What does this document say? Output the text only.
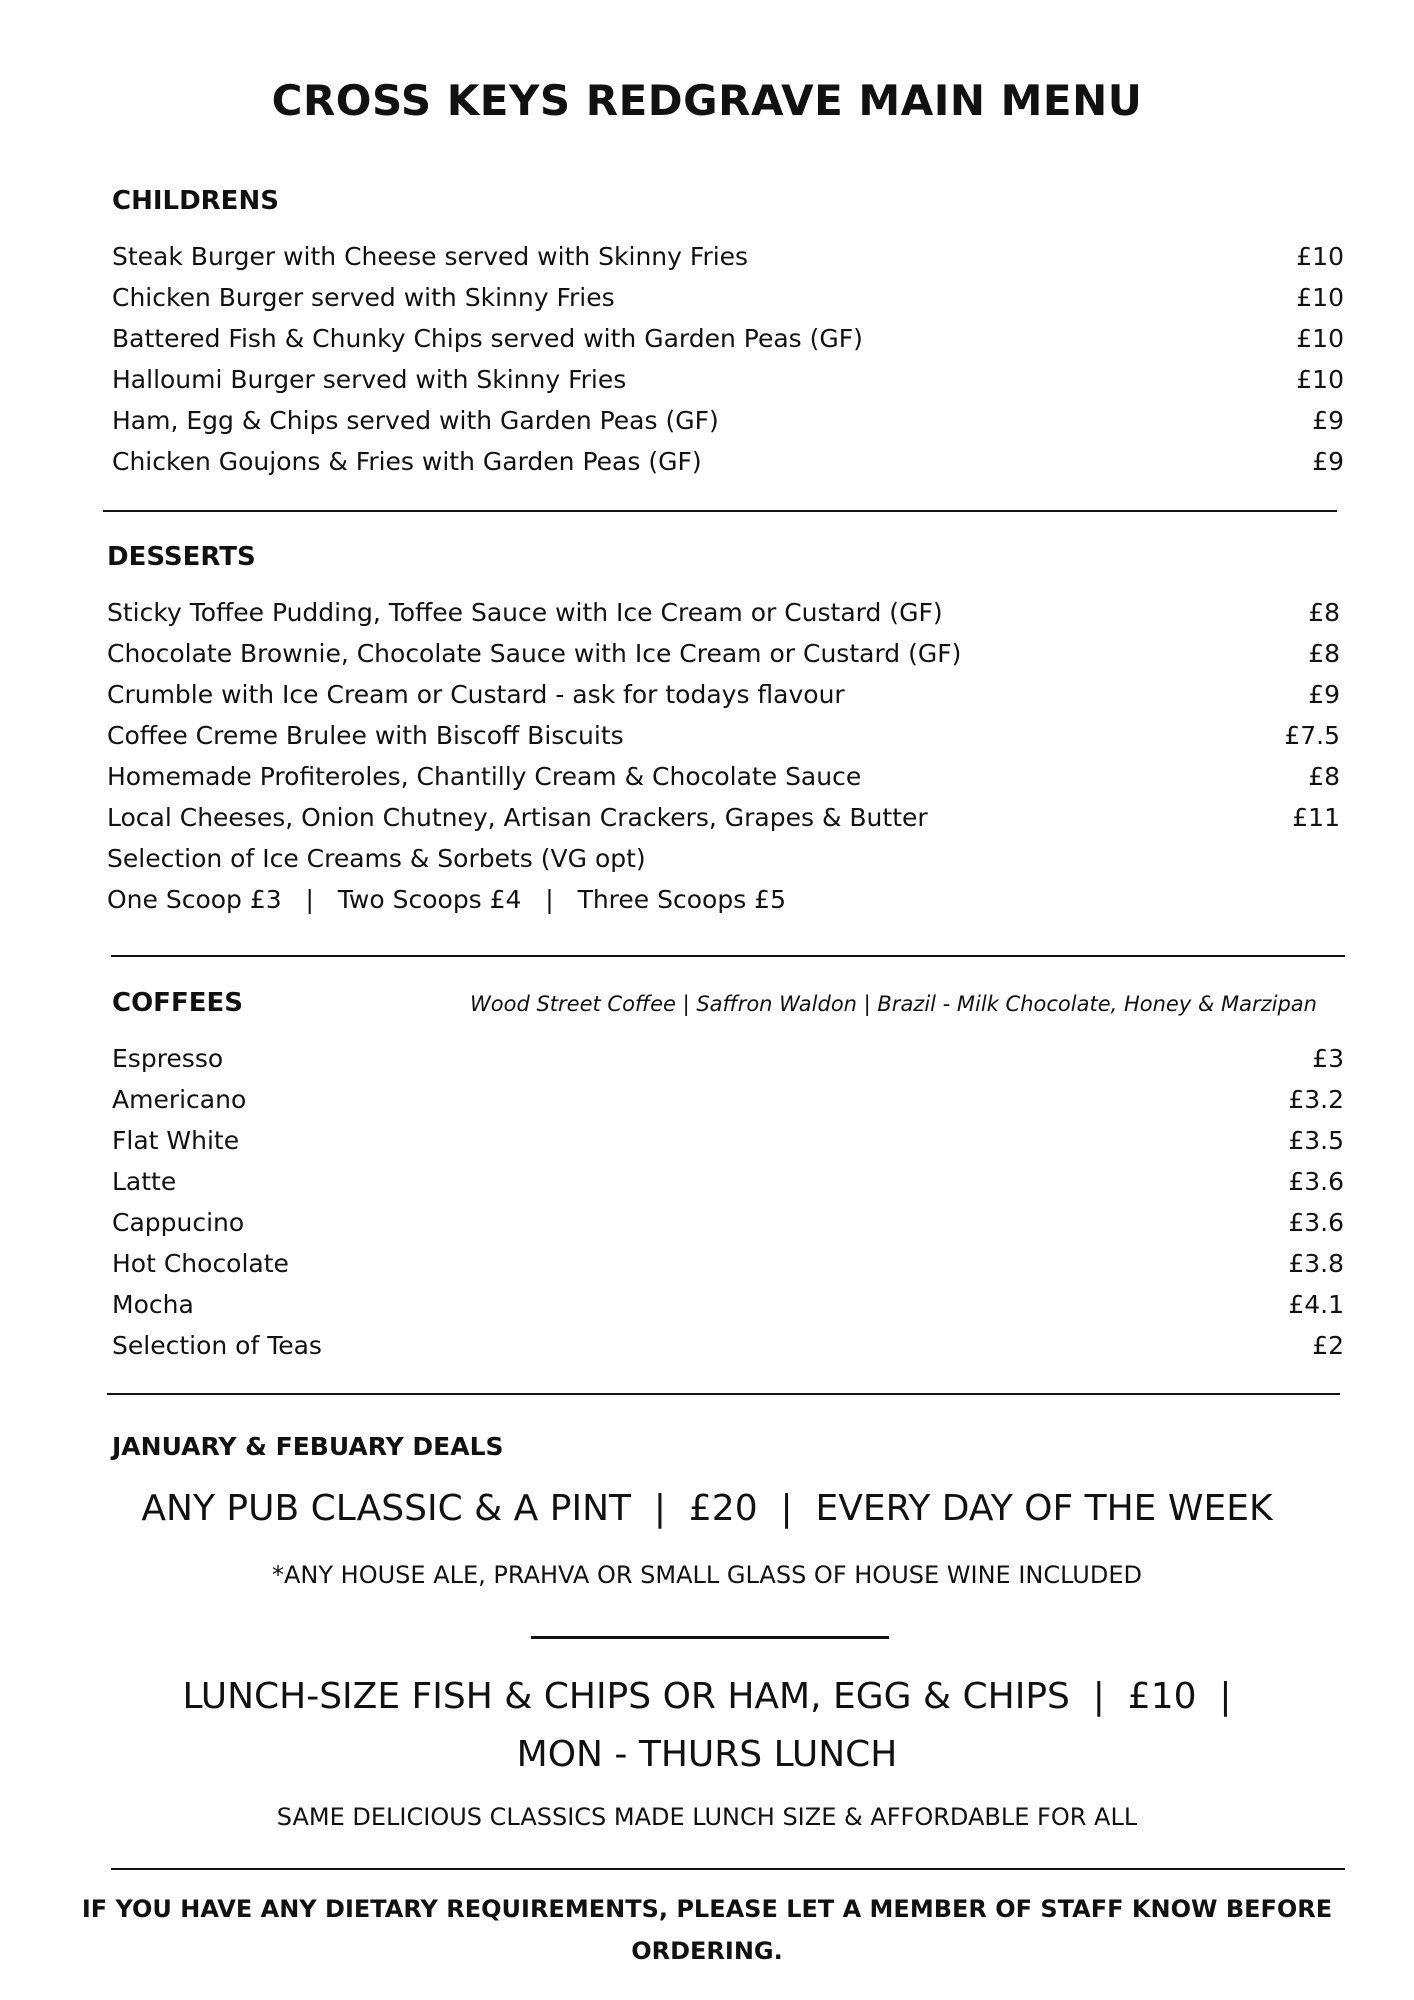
CROSS KEYS REDGRAVE MAIN MENU
CHILDRENS
Steak Burger with Cheese served with Skinny Fries	£10
Chicken Burger served with Skinny Fries	£10
Battered Fish & Chunky Chips served with Garden Peas (GF)	£10
Halloumi Burger served with Skinny Fries	£10
Ham, Egg & Chips served with Garden Peas (GF)	£9
Chicken Goujons & Fries with Garden Peas (GF)	£9
DESSERTS
Sticky Toffee Pudding, Toffee Sauce with Ice Cream or Custard (GF)	£8
Chocolate Brownie, Chocolate Sauce with Ice Cream or Custard (GF)	£8
Crumble with Ice Cream or Custard - ask for todays flavour	£9
Coffee Creme Brulee with Biscoff Biscuits	£7.5
Homemade Profiteroles, Chantilly Cream & Chocolate Sauce	£8
Local Cheeses, Onion Chutney, Artisan Crackers, Grapes & Butter	£11
Selection of Ice Creams & Sorbets (VG opt)
One Scoop £3   |   Two Scoops £4   |   Three Scoops £5
COFFEES	Wood Street Coffee | Saffron Waldon | Brazil - Milk Chocolate, Honey & Marzipan
Espresso	£3
Americano	£3.2
Flat White	£3.5
Latte	£3.6
Cappucino	£3.6
Hot Chocolate	£3.8
Mocha	£4.1
Selection of Teas	£2
JANUARY & FEBUARY DEALS
ANY PUB CLASSIC & A PINT  |  £20  |  EVERY DAY OF THE WEEK
*ANY HOUSE ALE, PRAHVA OR SMALL GLASS OF HOUSE WINE INCLUDED
LUNCH-SIZE FISH & CHIPS OR HAM, EGG & CHIPS  |  £10  |
MON - THURS LUNCH
SAME DELICIOUS CLASSICS MADE LUNCH SIZE & AFFORDABLE FOR ALL
IF YOU HAVE ANY DIETARY REQUIREMENTS, PLEASE LET A MEMBER OF STAFF KNOW BEFORE
ORDERING.
